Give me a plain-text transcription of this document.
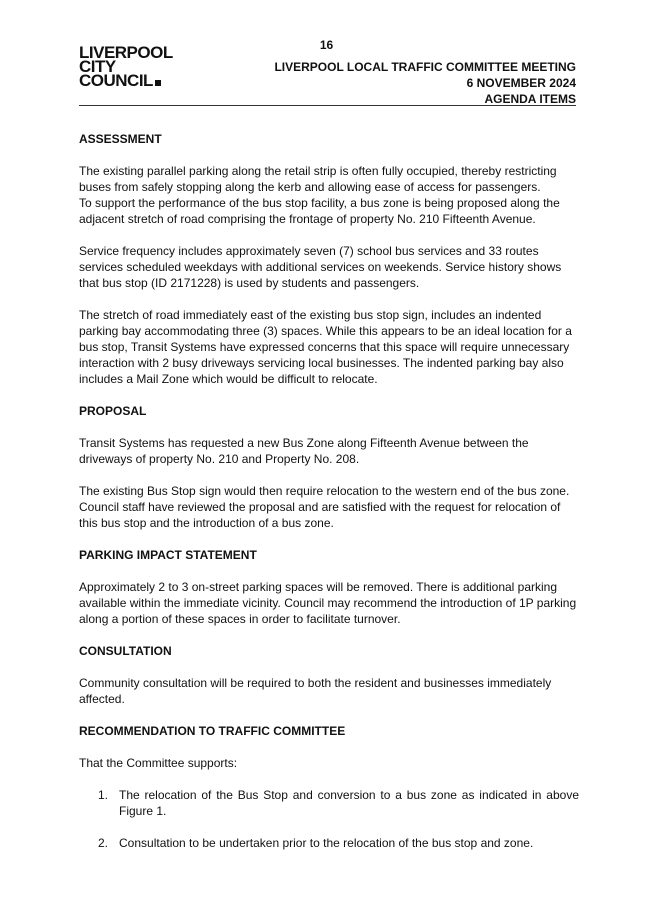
16
LIVERPOOL
CITY
COUNCIL
LIVERPOOL LOCAL TRAFFIC COMMITTEE MEETING
6 NOVEMBER 2024
AGENDA ITEMS
ASSESSMENT

The existing parallel parking along the retail strip is often fully occupied, thereby restricting buses from safely stopping along the kerb and allowing ease of access for passengers.

To support the performance of the bus stop facility, a bus zone is being proposed along the adjacent stretch of road comprising the frontage of property No. 210 Fifteenth Avenue.

Service frequency includes approximately seven (7) school bus services and 33 routes services scheduled weekdays with additional services on weekends. Service history shows that bus stop (ID 2171228) is used by students and passengers.

The stretch of road immediately east of the existing bus stop sign, includes an indented parking bay accommodating three (3) spaces. While this appears to be an ideal location for a bus stop, Transit Systems have expressed concerns that this space will require unnecessary interaction with 2 busy driveways servicing local businesses. The indented parking bay also includes a Mail Zone which would be difficult to relocate.

PROPOSAL

Transit Systems has requested a new Bus Zone along Fifteenth Avenue between the driveways of property No. 210 and Property No. 208.

The existing Bus Stop sign would then require relocation to the western end of the bus zone. Council staff have reviewed the proposal and are satisfied with the request for relocation of this bus stop and the introduction of a bus zone.

PARKING IMPACT STATEMENT

Approximately 2 to 3 on-street parking spaces will be removed. There is additional parking available within the immediate vicinity. Council may recommend the introduction of 1P parking along a portion of these spaces in order to facilitate turnover.

CONSULTATION

Community consultation will be required to both the resident and businesses immediately affected.

RECOMMENDATION TO TRAFFIC COMMITTEE

That the Committee supports:

1. The relocation of the Bus Stop and conversion to a bus zone as indicated in above Figure 1.
2. Consultation to be undertaken prior to the relocation of the bus stop and zone.
